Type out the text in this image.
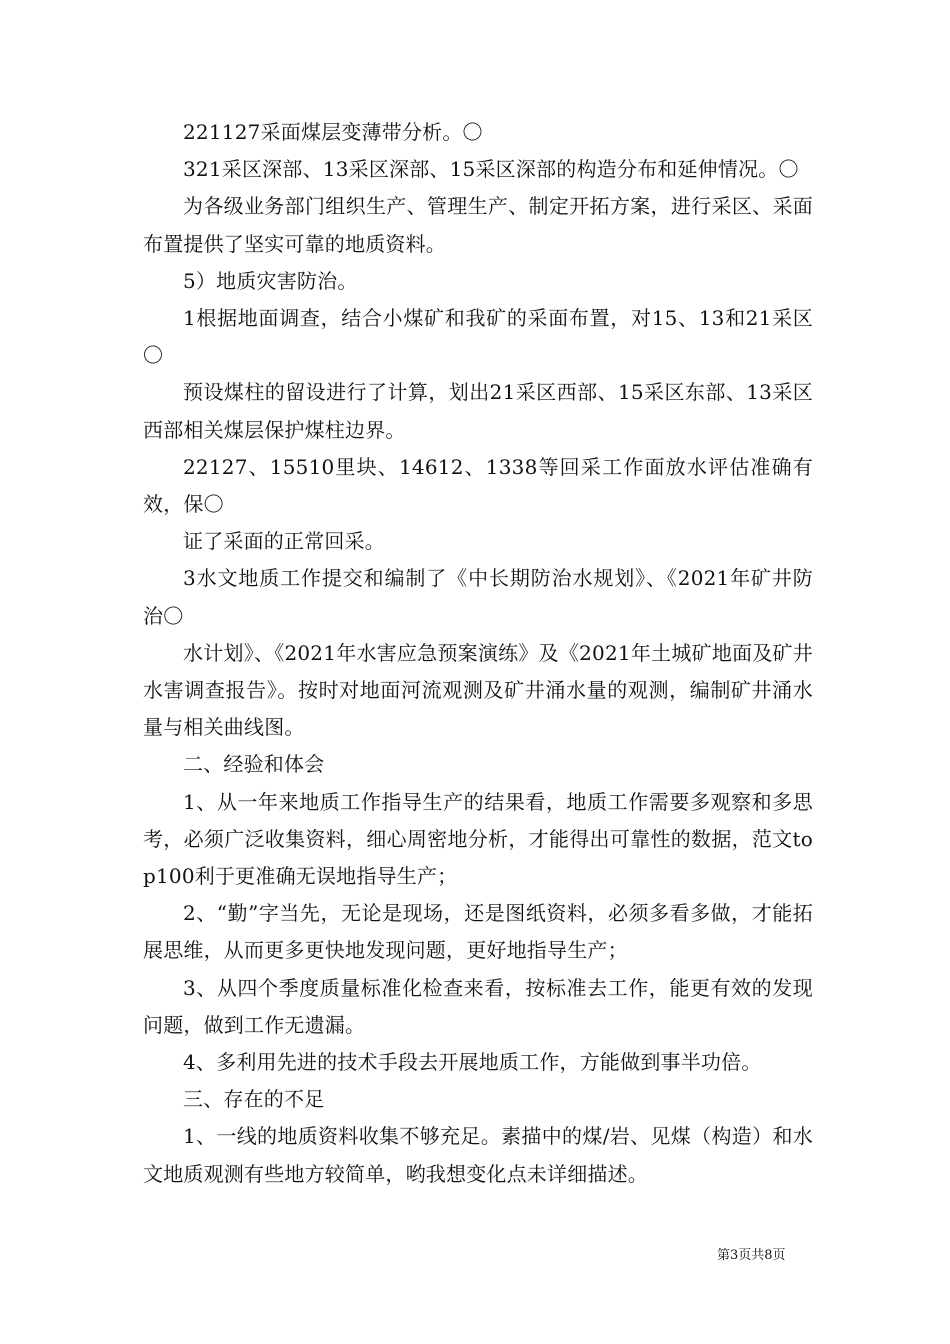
221127采面煤层变薄带分析。〇

321采区深部、13采区深部、15采区深部的构造分布和延伸情况。〇

为各级业务部门组织生产、管理生产、制定开拓方案，进行采区、采面布置提供了坚实可靠的地质资料。

5）地质灾害防治。

1根据地面调查，结合小煤矿和我矿的采面布置，对15、13和21采区〇

预设煤柱的留设进行了计算，划出21采区西部、15采区东部、13采区西部相关煤层保护煤柱边界。

22127、15510里块、14612、1338等回采工作面放水评估准确有效，保〇

证了采面的正常回采。

3水文地质工作提交和编制了《中长期防治水规划》、《2021年矿井防治〇

水计划》、《2021年水害应急预案演练》及《2021年土城矿地面及矿井水害调查报告》。按时对地面河流观测及矿井涌水量的观测，编制矿井涌水量与相关曲线图。

二、经验和体会

1、从一年来地质工作指导生产的结果看，地质工作需要多观察和多思考，必须广泛收集资料，细心周密地分析，才能得出可靠性的数据，范文top100利于更准确无误地指导生产；

2、“勤”字当先，无论是现场，还是图纸资料，必须多看多做，才能拓展思维，从而更多更快地发现问题，更好地指导生产；

3、从四个季度质量标准化检查来看，按标准去工作，能更有效的发现问题，做到工作无遗漏。

4、多利用先进的技术手段去开展地质工作，方能做到事半功倍。

三、存在的不足

1、一线的地质资料收集不够充足。素描中的煤/岩、见煤（构造）和水文地质观测有些地方较简单，哟我想变化点未详细描述。

第3页共8页
